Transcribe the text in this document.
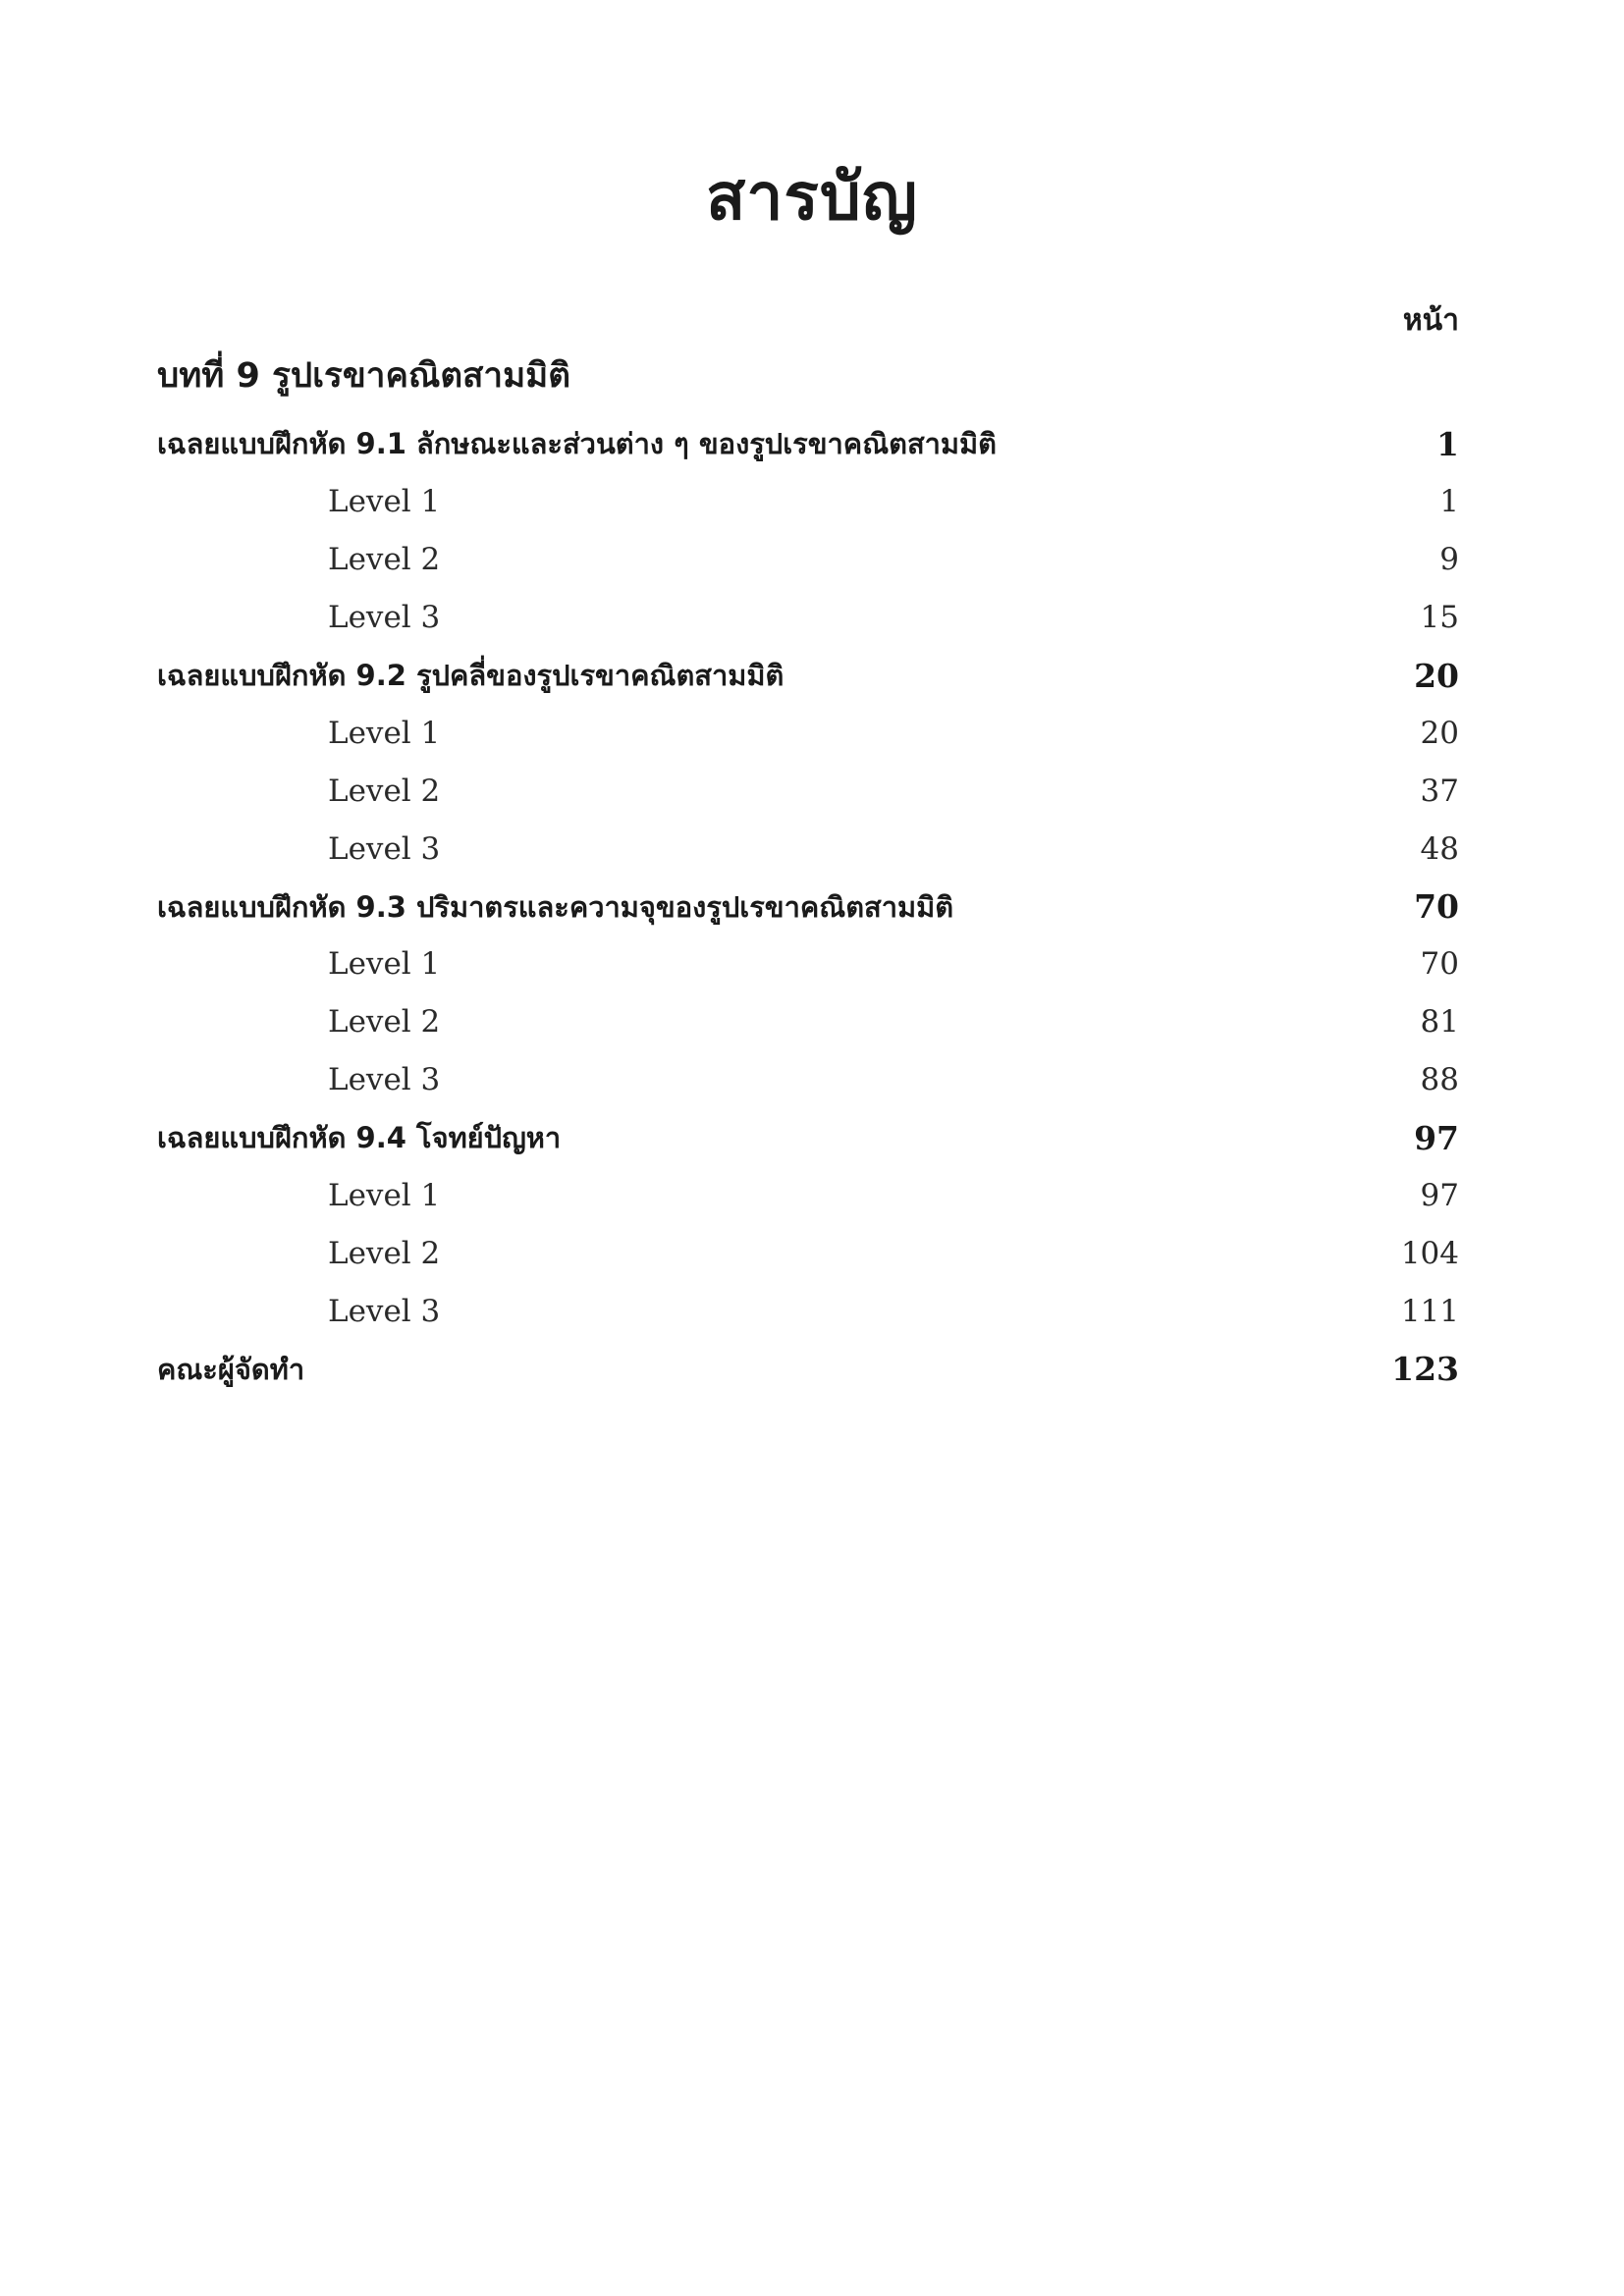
สารบัญ
หน้า
บทที่ 9 รูปเรขาคณิตสามมิติ
เฉลยแบบฝึกหัด 9.1 ลักษณะและส่วนต่าง ๆ ของรูปเรขาคณิตสามมิติ	1
Level 1	1
Level 2	9
Level 3	15
เฉลยแบบฝึกหัด 9.2 รูปคลี่ของรูปเรขาคณิตสามมิติ	20
Level 1	20
Level 2	37
Level 3	48
เฉลยแบบฝึกหัด 9.3 ปริมาตรและความจุของรูปเรขาคณิตสามมิติ	70
Level 1	70
Level 2	81
Level 3	88
เฉลยแบบฝึกหัด 9.4 โจทย์ปัญหา	97
Level 1	97
Level 2	104
Level 3	111
คณะผู้จัดทำ	123
